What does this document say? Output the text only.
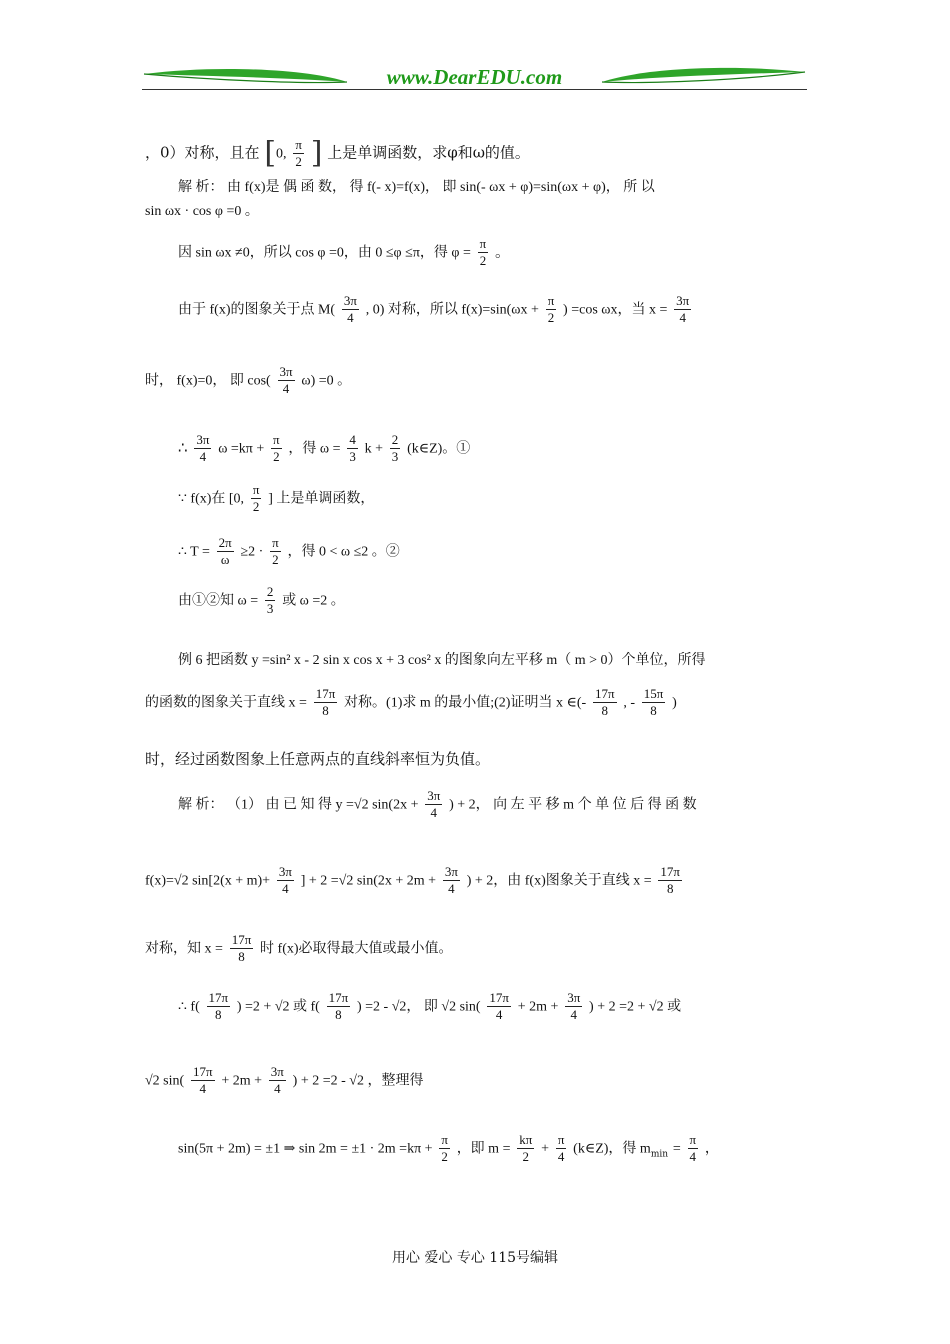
www.DearEDU.com
，0）对称，且在 [0, $\frac{\pi}{2}$ ] 上是单调函数，求φ和ω的值。
解 析： 由 f(x)是 偶 函 数， 得 f(- x)=f(x)， 即 sin(- ωx + φ)=sin(ωx + φ)， 所 以
sin ωx · cos φ =0 。
因 sin ωx ≠0，所以 cos φ =0，由 0 ≤φ ≤π，得 $\varphi = \frac{\pi}{2}$ 。
由于 f(x)的图象关于点 $M( \frac{3\pi}{4}$ , 0) 对称，所以 $f(x)=\sin(\omega x + \frac{\pi}{2}$ ) =cos ωx，当 $x = \frac{3\pi}{4}$
时， f(x)=0， 即 $\cos( \frac{3\pi}{4} \omega) =0$ 。
∴ $\frac{3\pi}{4}$ $\omega =k\pi + \frac{\pi}{2}$ ，得 $\omega = \frac{4}{3}$ $k + \frac{2}{3}$ (k∈Z)。①
∵ f(x)在 [0, $\frac{\pi}{2}$ ] 上是单调函数，
∴ $T = \frac{2\pi}{\omega} \ge 2 \cdot \frac{\pi}{2}$ ，得 0 < ω ≤2 。②
由①②知 $\omega = \frac{2}{3}$ 或 ω =2 。
例 6 把函数 y =sin² x - 2 sin x cos x + 3 cos² x 的图象向左平移 m（ m > 0）个单位，所得
的函数的图象关于直线 $x = \frac{17\pi}{8}$ 对称。(1)求 m 的最小值;(2)证明当 x ∈(- $\frac{17\pi}{8}$ , - $\frac{15\pi}{8}$ )
时，经过函数图象上任意两点的直线斜率恒为负值。
解 析： （1） 由 已 知 得 y =√2 $\sin(2x + \frac{3\pi}{4}$ ) + 2， 向 左 平 移 m 个 单 位 后 得 函 数
f(x)=√2 $\sin[2(x + m)+ \frac{3\pi}{4}$ ] + 2 =√2 $\sin(2x + 2m + \frac{3\pi}{4}$ ) + 2，由 f(x)图象关于直线 $x = \frac{17\pi}{8}$
对称，知 $x = \frac{17\pi}{8}$ 时 f(x)必取得最大值或最小值。
∴ $f( \frac{17\pi}{8}$ ) =2 + √2 或 $f( \frac{17\pi}{8}$ ) =2 - √2， 即 √2 $\sin( \frac{17\pi}{4} + 2m + \frac{3\pi}{4}$ ) + 2 =2 + √2 或
√2 $\sin( \frac{17\pi}{4} + 2m + \frac{3\pi}{4}$ ) + 2 =2 - √2 ，整理得
sin(5π + 2m) = ±1 ⇒ $\sin 2m = \pm 1 \cdot 2m =k\pi + \frac{\pi}{2}$ ，即 $m = \frac{k\pi}{2} + \frac{\pi}{4}$ (k∈Z)，得 $m_{min} = \frac{\pi}{4}$ ，
用心 爱心 专心 115号编辑
